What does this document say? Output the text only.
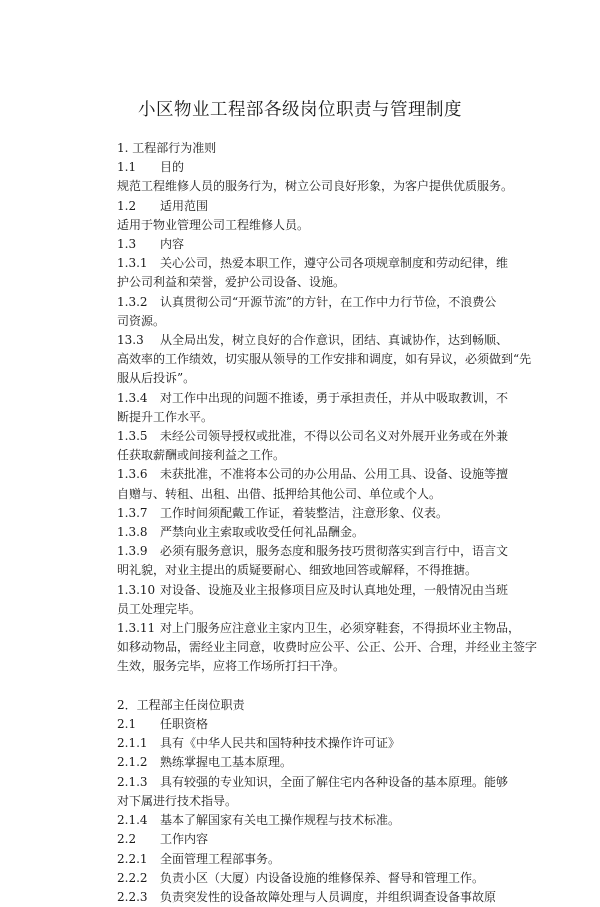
小区物业工程部各级岗位职责与管理制度
1. 工程部行为准则
1.1	目的
规范工程维修人员的服务行为，树立公司良好形象，为客户提供优质服务。
1.2	适用范围
适用于物业管理公司工程维修人员。
1.3	内容
1.3.1	关心公司，热爱本职工作，遵守公司各项规章制度和劳动纪律，维
护公司利益和荣誉，爱护公司设备、设施。
1.3.2	认真贯彻公司“开源节流”的方针，在工作中力行节俭，不浪费公
司资源。
13.3	从全局出发，树立良好的合作意识，团结、真诚协作，达到畅顺、
高效率的工作绩效，切实服从领导的工作安排和调度，如有异议，必须做到“先
服从后投诉”。
1.3.4	对工作中出现的问题不推诿，勇于承担责任，并从中吸取教训，不
断提升工作水平。
1.3.5	未经公司领导授权或批准，不得以公司名义对外展开业务或在外兼
任获取薪酬或间接利益之工作。
1.3.6	未获批准，不准将本公司的办公用品、公用工具、设备、设施等擅
自赠与、转租、出租、出借、抵押给其他公司、单位或个人。
1.3.7	工作时间须配戴工作证，着装整洁，注意形象、仪表。
1.3.8	严禁向业主索取或收受任何礼品酬金。
1.3.9	必须有服务意识，服务态度和服务技巧贯彻落实到言行中，语言文
明礼貌，对业主提出的质疑要耐心、细致地回答或解释，不得推搪。
1.3.10 对设备、设施及业主报修项目应及时认真地处理，一般情况由当班
员工处理完毕。
1.3.11 对上门服务应注意业主家内卫生，必须穿鞋套，不得损坏业主物品，
如移动物品，需经业主同意，收费时应公平、公正、公开、合理，并经业主签字
生效，服务完毕，应将工作场所打扫干净。
2．工程部主任岗位职责
2.1	任职资格
2.1.1	具有《中华人民共和国特种技术操作许可证》
2.1.2	熟练掌握电工基本原理。
2.1.3	具有较强的专业知识，全面了解住宅内各种设备的基本原理。能够
对下属进行技术指导。
2.1.4	基本了解国家有关电工操作规程与技术标准。
2.2	工作内容
2.2.1	全面管理工程部事务。
2.2.2	负责小区（大厦）内设备设施的维修保养、督导和管理工作。
2.2.3	负责突发性的设备故障处理与人员调度，并组织调查设备事故原
